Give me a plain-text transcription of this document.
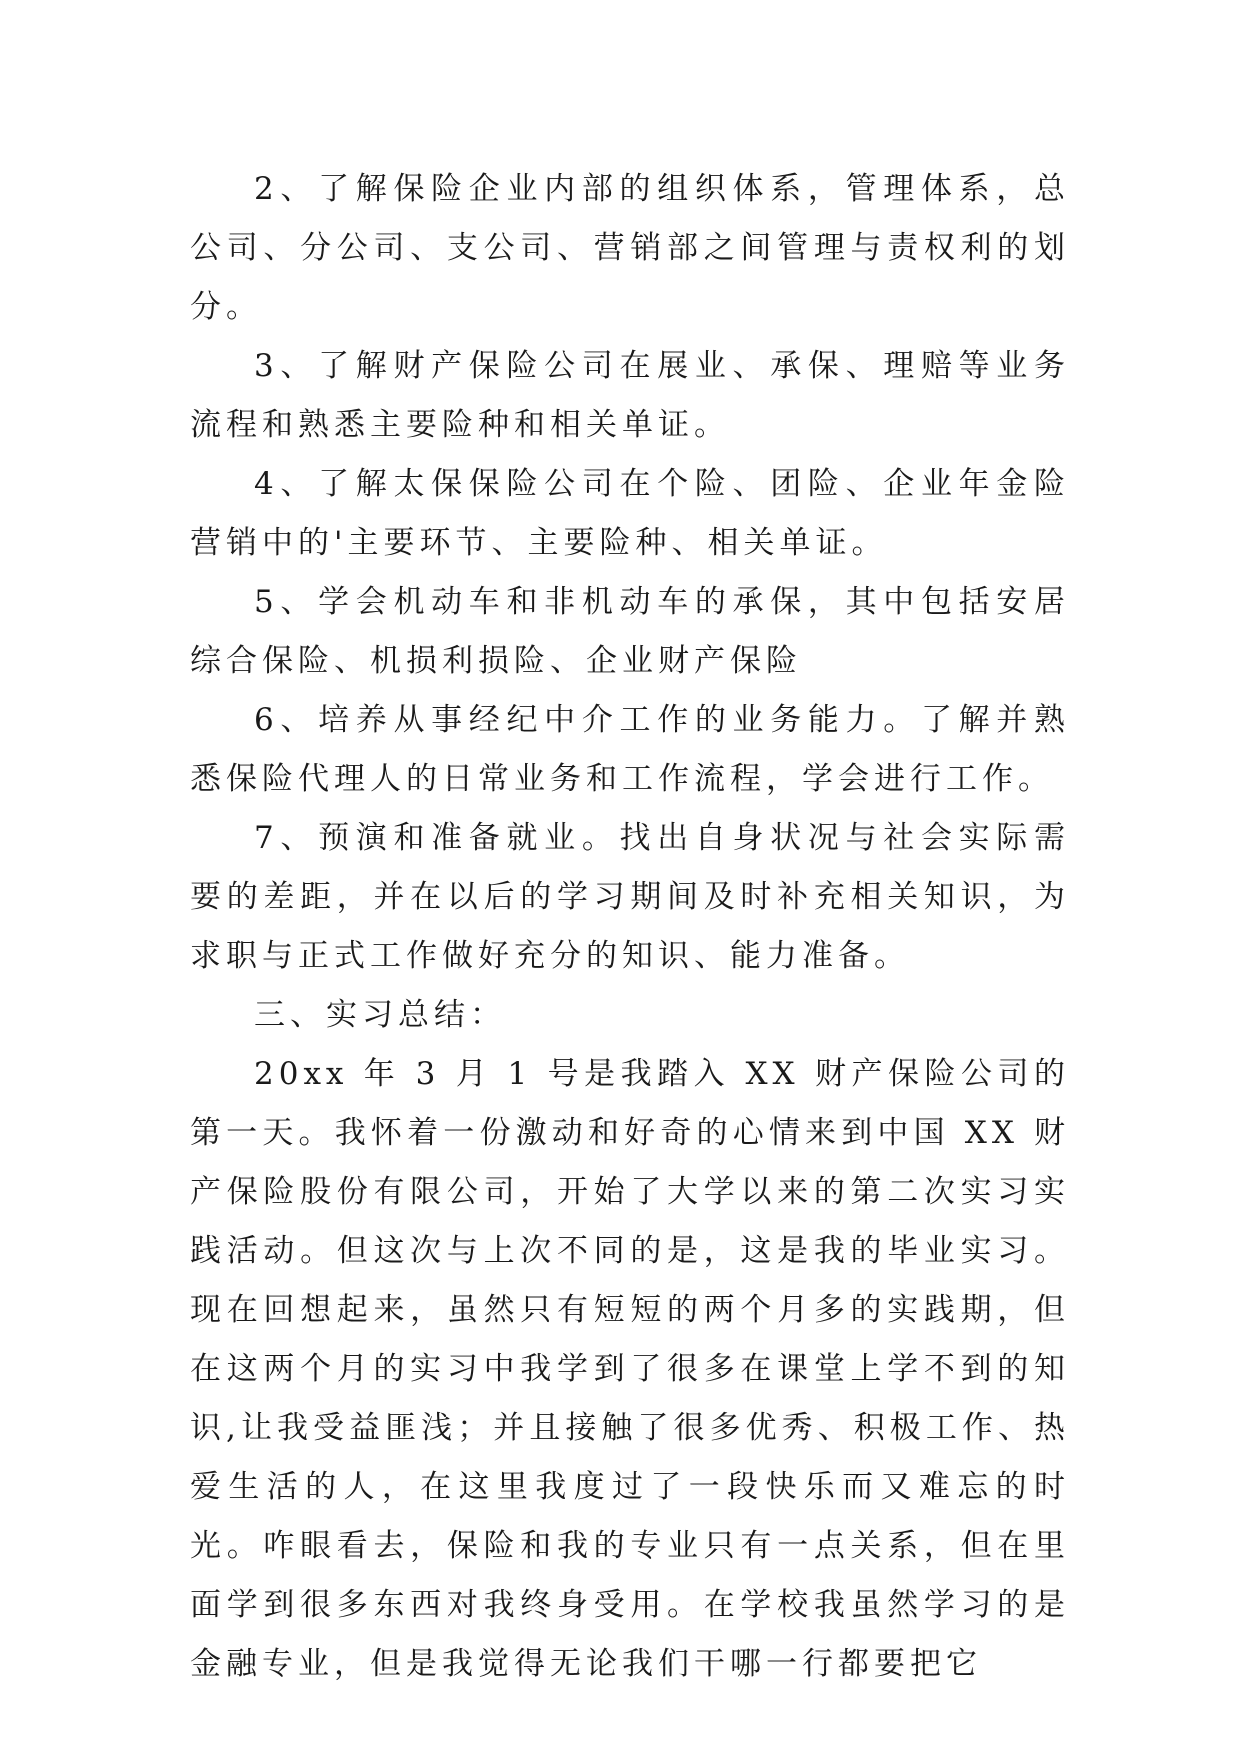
2、了解保险企业内部的组织体系，管理体系，总公司、分公司、支公司、营销部之间管理与责权利的划分。

3、了解财产保险公司在展业、承保、理赔等业务流程和熟悉主要险种和相关单证。

4、了解太保保险公司在个险、团险、企业年金险营销中的'主要环节、主要险种、相关单证。

5、学会机动车和非机动车的承保，其中包括安居综合保险、机损利损险、企业财产保险

6、培养从事经纪中介工作的业务能力。了解并熟悉保险代理人的日常业务和工作流程，学会进行工作。

7、预演和准备就业。找出自身状况与社会实际需要的差距，并在以后的学习期间及时补充相关知识，为求职与正式工作做好充分的知识、能力准备。

三、实习总结：

20xx 年 3 月 1 号是我踏入 XX 财产保险公司的第一天。我怀着一份激动和好奇的心情来到中国 XX 财产保险股份有限公司，开始了大学以来的第二次实习实践活动。但这次与上次不同的是，这是我的毕业实习。现在回想起来，虽然只有短短的两个月多的实践期，但在这两个月的实习中我学到了很多在课堂上学不到的知识,让我受益匪浅；并且接触了很多优秀、积极工作、热爱生活的人，在这里我度过了一段快乐而又难忘的时光。咋眼看去，保险和我的专业只有一点关系，但在里面学到很多东西对我终身受用。在学校我虽然学习的是金融专业，但是我觉得无论我们干哪一行都要把它
